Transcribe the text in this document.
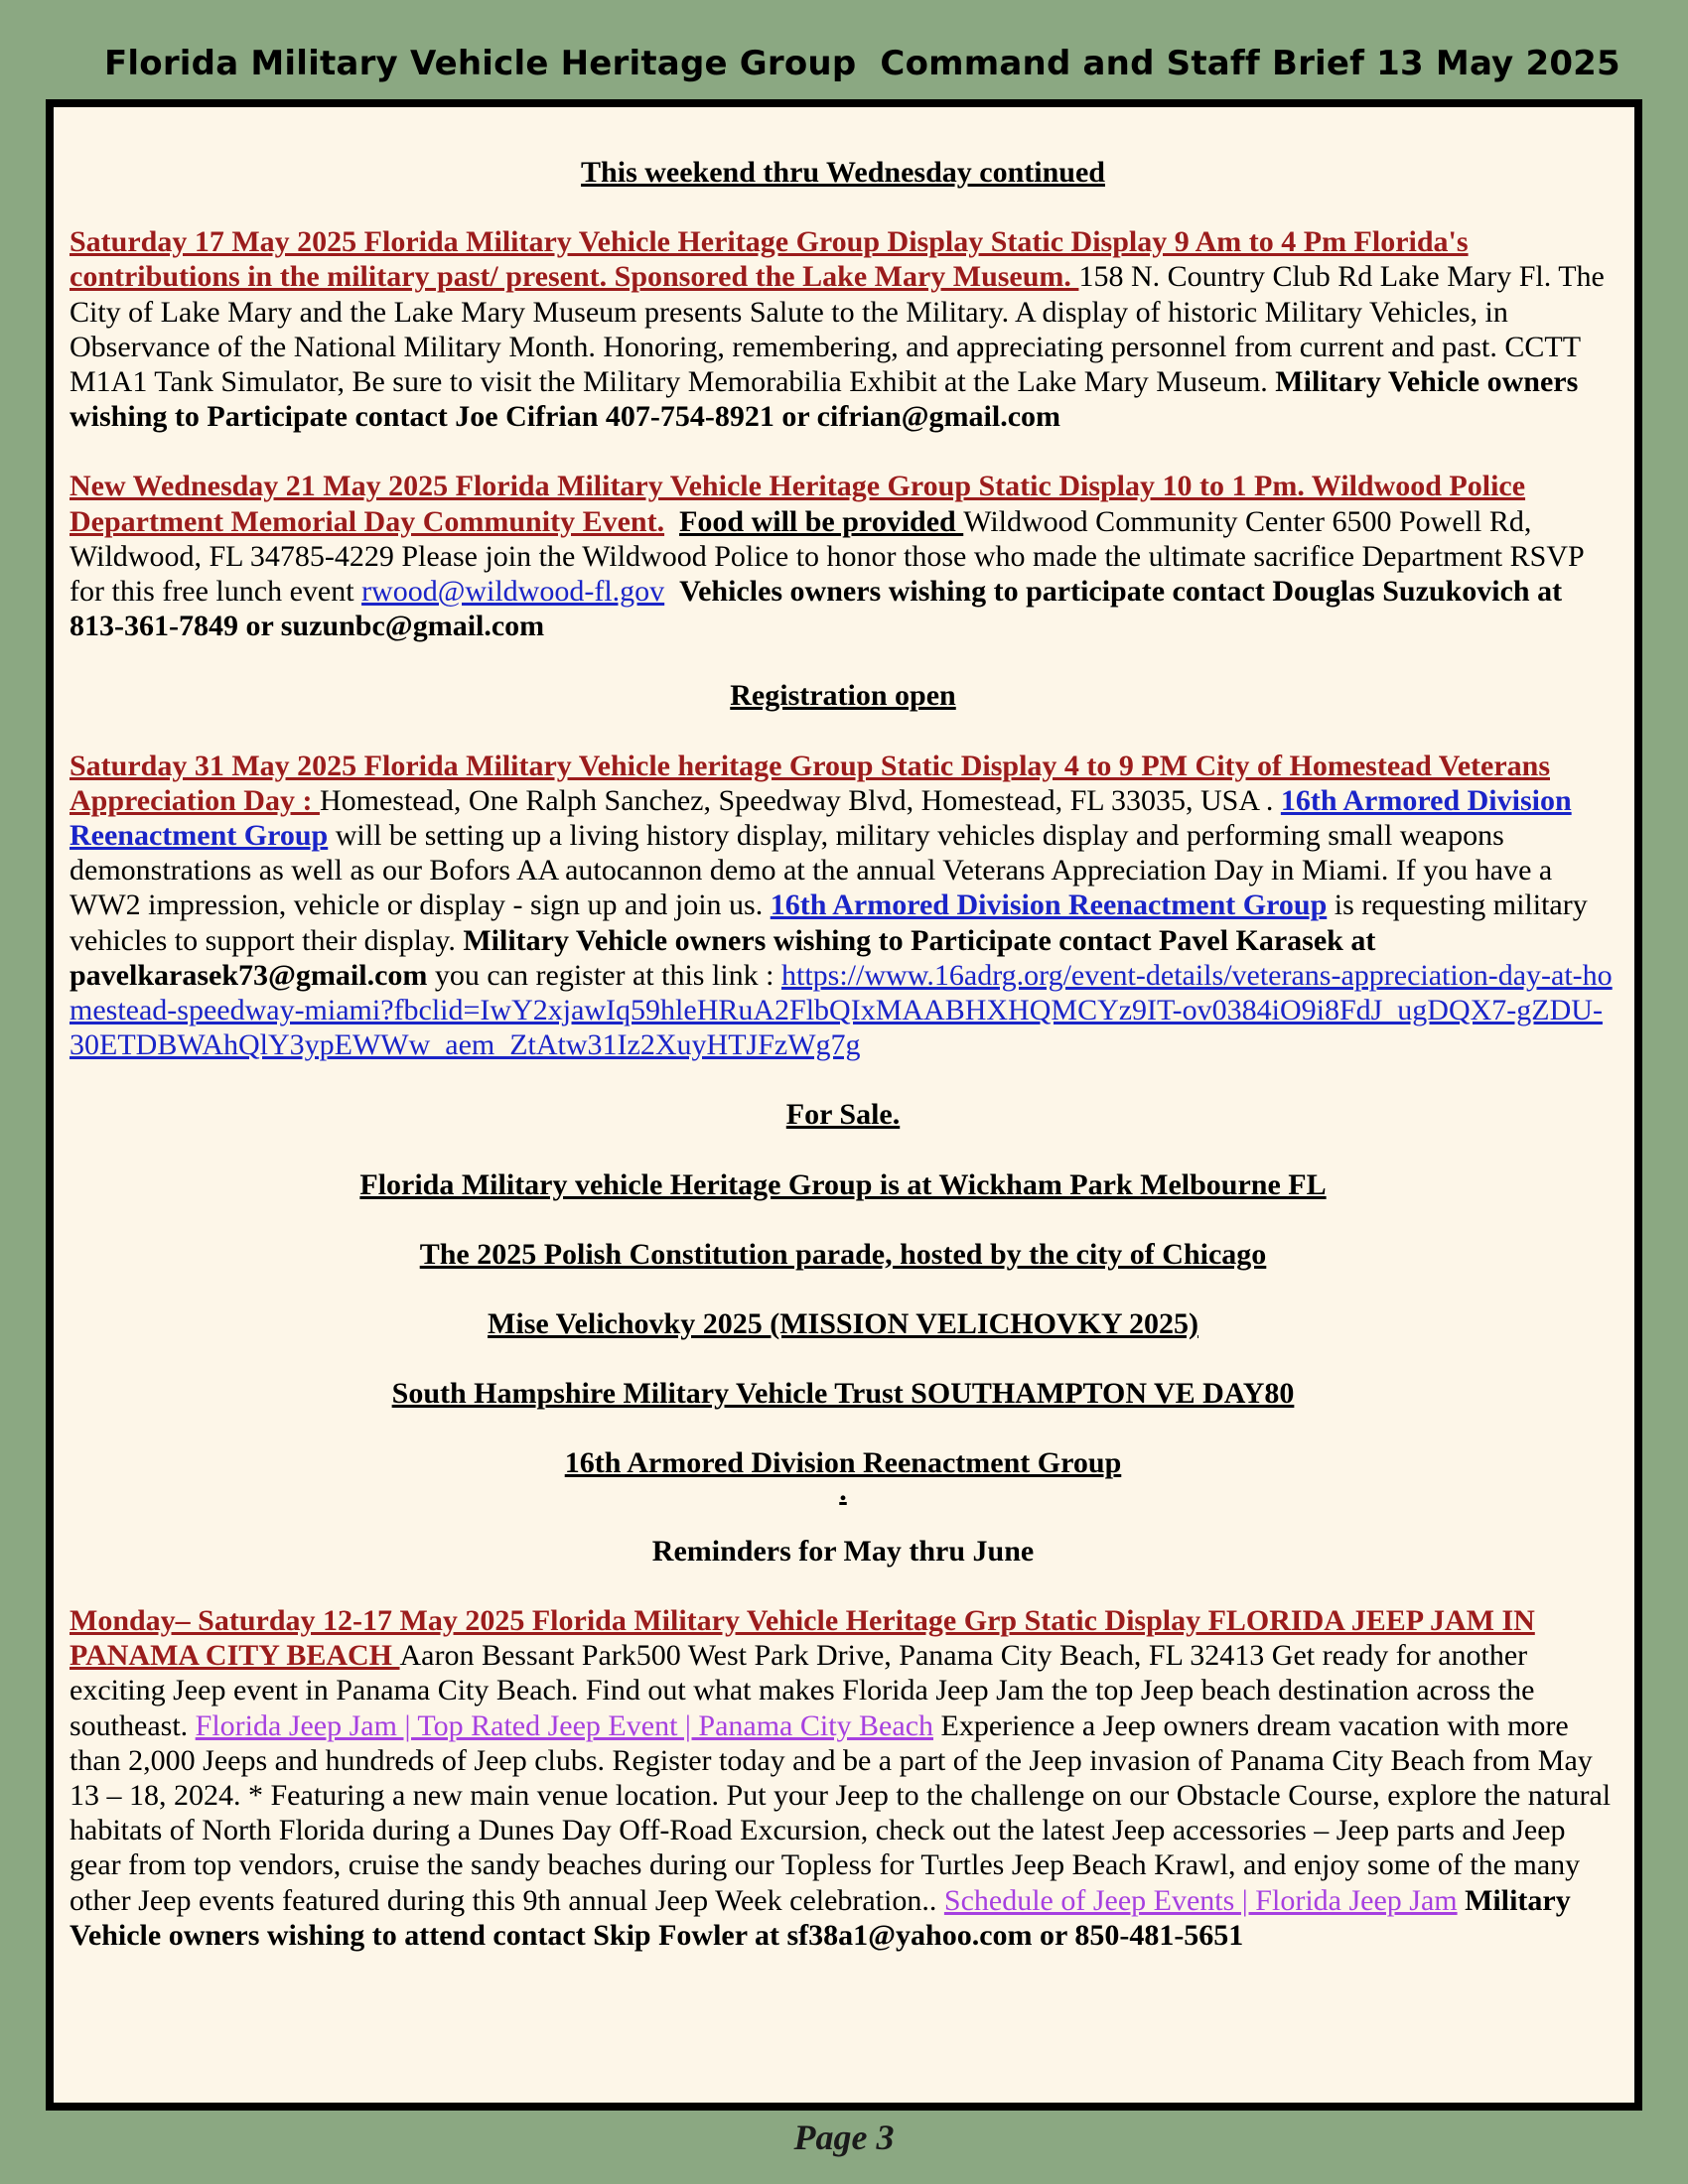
Florida Military Vehicle Heritage Group  Command and Staff Brief 13 May 2025

This weekend thru Wednesday continued

Saturday 17 May 2025 Florida Military Vehicle Heritage Group Display Static Display 9 Am to 4 Pm Florida's contributions in the military past/ present. Sponsored the Lake Mary Museum. 158 N. Country Club Rd Lake Mary Fl. The City of Lake Mary and the Lake Mary Museum presents Salute to the Military. A display of historic Military Vehicles, in Observance of the National Military Month. Honoring, remembering, and appreciating personnel from current and past. CCTT M1A1 Tank Simulator, Be sure to visit the Military Memorabilia Exhibit at the Lake Mary Museum. Military Vehicle owners wishing to Participate contact Joe Cifrian 407-754-8921 or cifrian@gmail.com

New Wednesday 21 May 2025 Florida Military Vehicle Heritage Group Static Display 10 to 1 Pm. Wildwood Police Department Memorial Day Community Event. Food will be provided Wildwood Community Center 6500 Powell Rd, Wildwood, FL 34785-4229 Please join the Wildwood Police to honor those who made the ultimate sacrifice Department RSVP for this free lunch event rwood@wildwood-fl.gov Vehicles owners wishing to participate contact Douglas Suzukovich at 813-361-7849 or suzunbc@gmail.com

Registration open

Saturday 31 May 2025 Florida Military Vehicle heritage Group Static Display 4 to 9 PM City of Homestead Veterans Appreciation Day : Homestead, One Ralph Sanchez, Speedway Blvd, Homestead, FL 33035, USA . 16th Armored Division Reenactment Group will be setting up a living history display, military vehicles display and performing small weapons demonstrations as well as our Bofors AA autocannon demo at the annual Veterans Appreciation Day in Miami. If you have a WW2 impression, vehicle or display - sign up and join us. 16th Armored Division Reenactment Group is requesting military vehicles to support their display. Military Vehicle owners wishing to Participate contact Pavel Karasek at pavelkarasek73@gmail.com you can register at this link : https://www.16adrg.org/event-details/veterans-appreciation-day-at-homestead-speedway-miami?fbclid=IwY2xjawIq59hleHRuA2FlbQIxMAABHXHQMCYz9IT-ov0384iO9i8FdJ_ugDQX7-gZDU-30ETDBWAhQlY3ypEWWw_aem_ZtAtw31Iz2XuyHTJFzWg7g

For Sale.

Florida Military vehicle Heritage Group is at Wickham Park Melbourne FL

The 2025 Polish Constitution parade, hosted by the city of Chicago

Mise Velichovky 2025 (MISSION VELICHOVKY 2025)

South Hampshire Military Vehicle Trust SOUTHAMPTON VE DAY80

16th Armored Division Reenactment Group

.

Reminders for May thru June

Monday– Saturday 12-17 May 2025 Florida Military Vehicle Heritage Grp Static Display FLORIDA JEEP JAM IN PANAMA CITY BEACH Aaron Bessant Park500 West Park Drive, Panama City Beach, FL 32413 Get ready for another exciting Jeep event in Panama City Beach. Find out what makes Florida Jeep Jam the top Jeep beach destination across the southeast. Florida Jeep Jam | Top Rated Jeep Event | Panama City Beach Experience a Jeep owners dream vacation with more than 2,000 Jeeps and hundreds of Jeep clubs. Register today and be a part of the Jeep invasion of Panama City Beach from May 13 – 18, 2024. * Featuring a new main venue location. Put your Jeep to the challenge on our Obstacle Course, explore the natural habitats of North Florida during a Dunes Day Off-Road Excursion, check out the latest Jeep accessories – Jeep parts and Jeep gear from top vendors, cruise the sandy beaches during our Topless for Turtles Jeep Beach Krawl, and enjoy some of the many other Jeep events featured during this 9th annual Jeep Week celebration.. Schedule of Jeep Events | Florida Jeep Jam Military Vehicle owners wishing to attend contact Skip Fowler at sf38a1@yahoo.com or 850-481-5651

Page 3
